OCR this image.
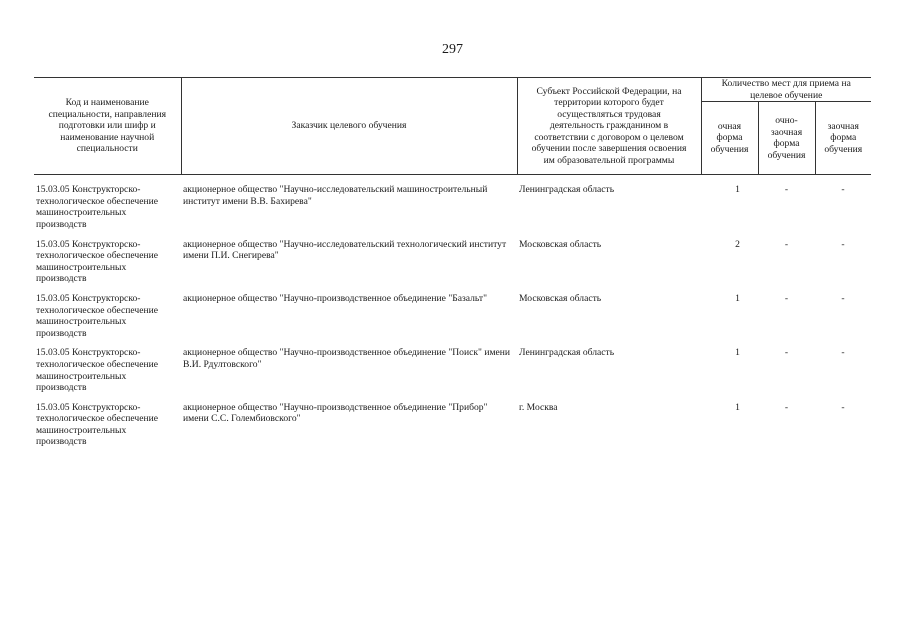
297
Код и наименование специальности, направления подготовки или шифр и наименование научной специальности	Заказчик целевого обучения	Субъект Российской Федерации, на территории которого будет осуществляться трудовая деятельность гражданином в соответствии с договором о целевом обучении после завершения освоения им образовательной программы	Количество мест для приема на целевое обучение		
			очная форма обучения	очно-заочная форма обучения	заочная форма обучения

15.03.05 Конструкторско-технологическое обеспечение машиностроительных производств	акционерное общество "Научно-исследовательский машиностроительный институт имени В.В. Бахирева"	Ленинградская область	1	-	-
15.03.05 Конструкторско-технологическое обеспечение машиностроительных производств	акционерное общество "Научно-исследовательский технологический институт имени П.И. Снегирева"	Московская область	2	-	-
15.03.05 Конструкторско-технологическое обеспечение машиностроительных производств	акционерное общество "Научно-производственное объединение "Базальт"	Московская область	1	-	-
15.03.05 Конструкторско-технологическое обеспечение машиностроительных производств	акционерное общество "Научно-производственное объединение "Поиск" имени В.И. Рдултовского"	Ленинградская область	1	-	-
15.03.05 Конструкторско-технологическое обеспечение машиностроительных производств	акционерное общество "Научно-производственное объединение "Прибор" имени С.С. Голембиовского"	г. Москва	1	-	-
